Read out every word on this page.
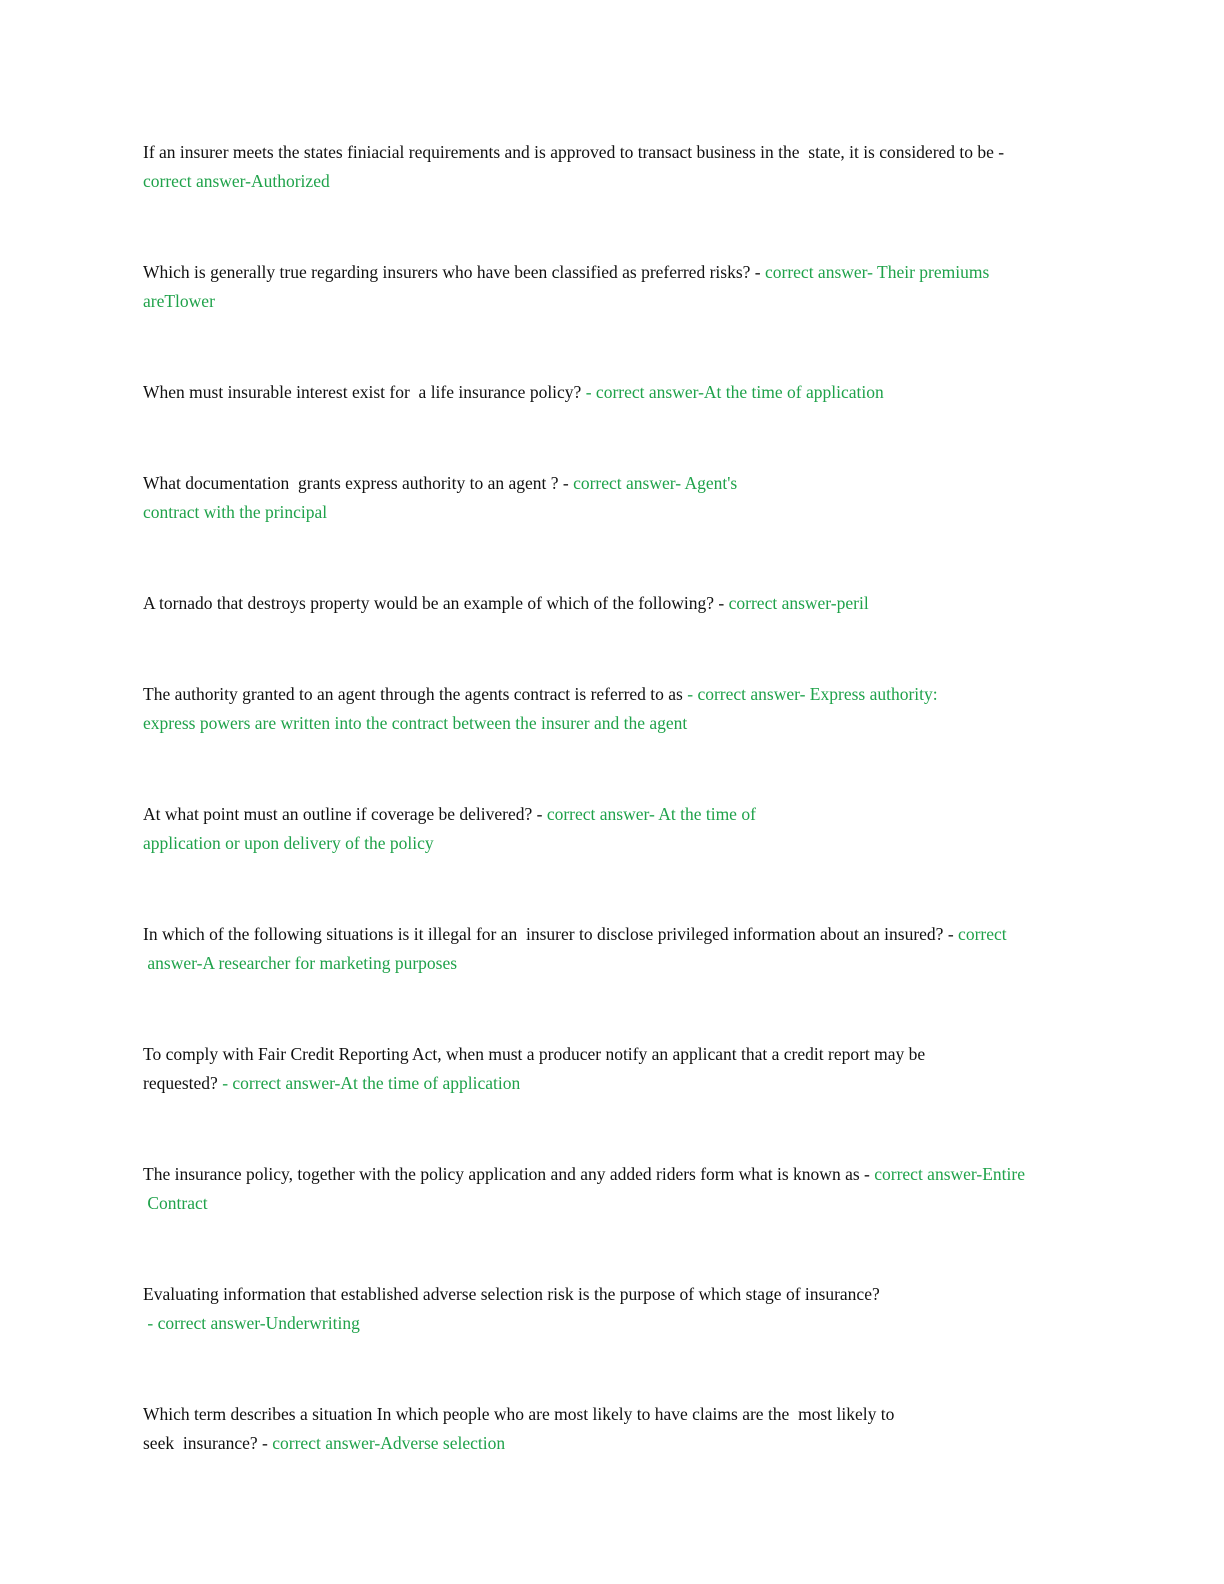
If an insurer meets the states finiacial requirements and is approved to transact business in the  state, it is considered to be -
correct answer-Authorized

Which is generally true regarding insurers who have been classified as preferred risks? - correct answer- Their premiums
areTlower

When must insurable interest exist for  a life insurance policy? - correct answer-At the time of application

What documentation  grants express authority to an agent ? - correct answer- Agent's
contract with the principal

A tornado that destroys property would be an example of which of the following? - correct answer-peril

The authority granted to an agent through the agents contract is referred to as - correct answer- Express authority:
express powers are written into the contract between the insurer and the agent

At what point must an outline if coverage be delivered? - correct answer- At the time of
application or upon delivery of the policy

In which of the following situations is it illegal for an  insurer to disclose privileged information about an insured? - correct
answer-A researcher for marketing purposes

To comply with Fair Credit Reporting Act, when must a producer notify an applicant that a credit report may be
requested? - correct answer-At the time of application

The insurance policy, together with the policy application and any added riders form what is known as - correct answer-Entire
Contract

Evaluating information that established adverse selection risk is the purpose of which stage of insurance?
- correct answer-Underwriting

Which term describes a situation In which people who are most likely to have claims are the  most likely to
seek  insurance? - correct answer-Adverse selection
